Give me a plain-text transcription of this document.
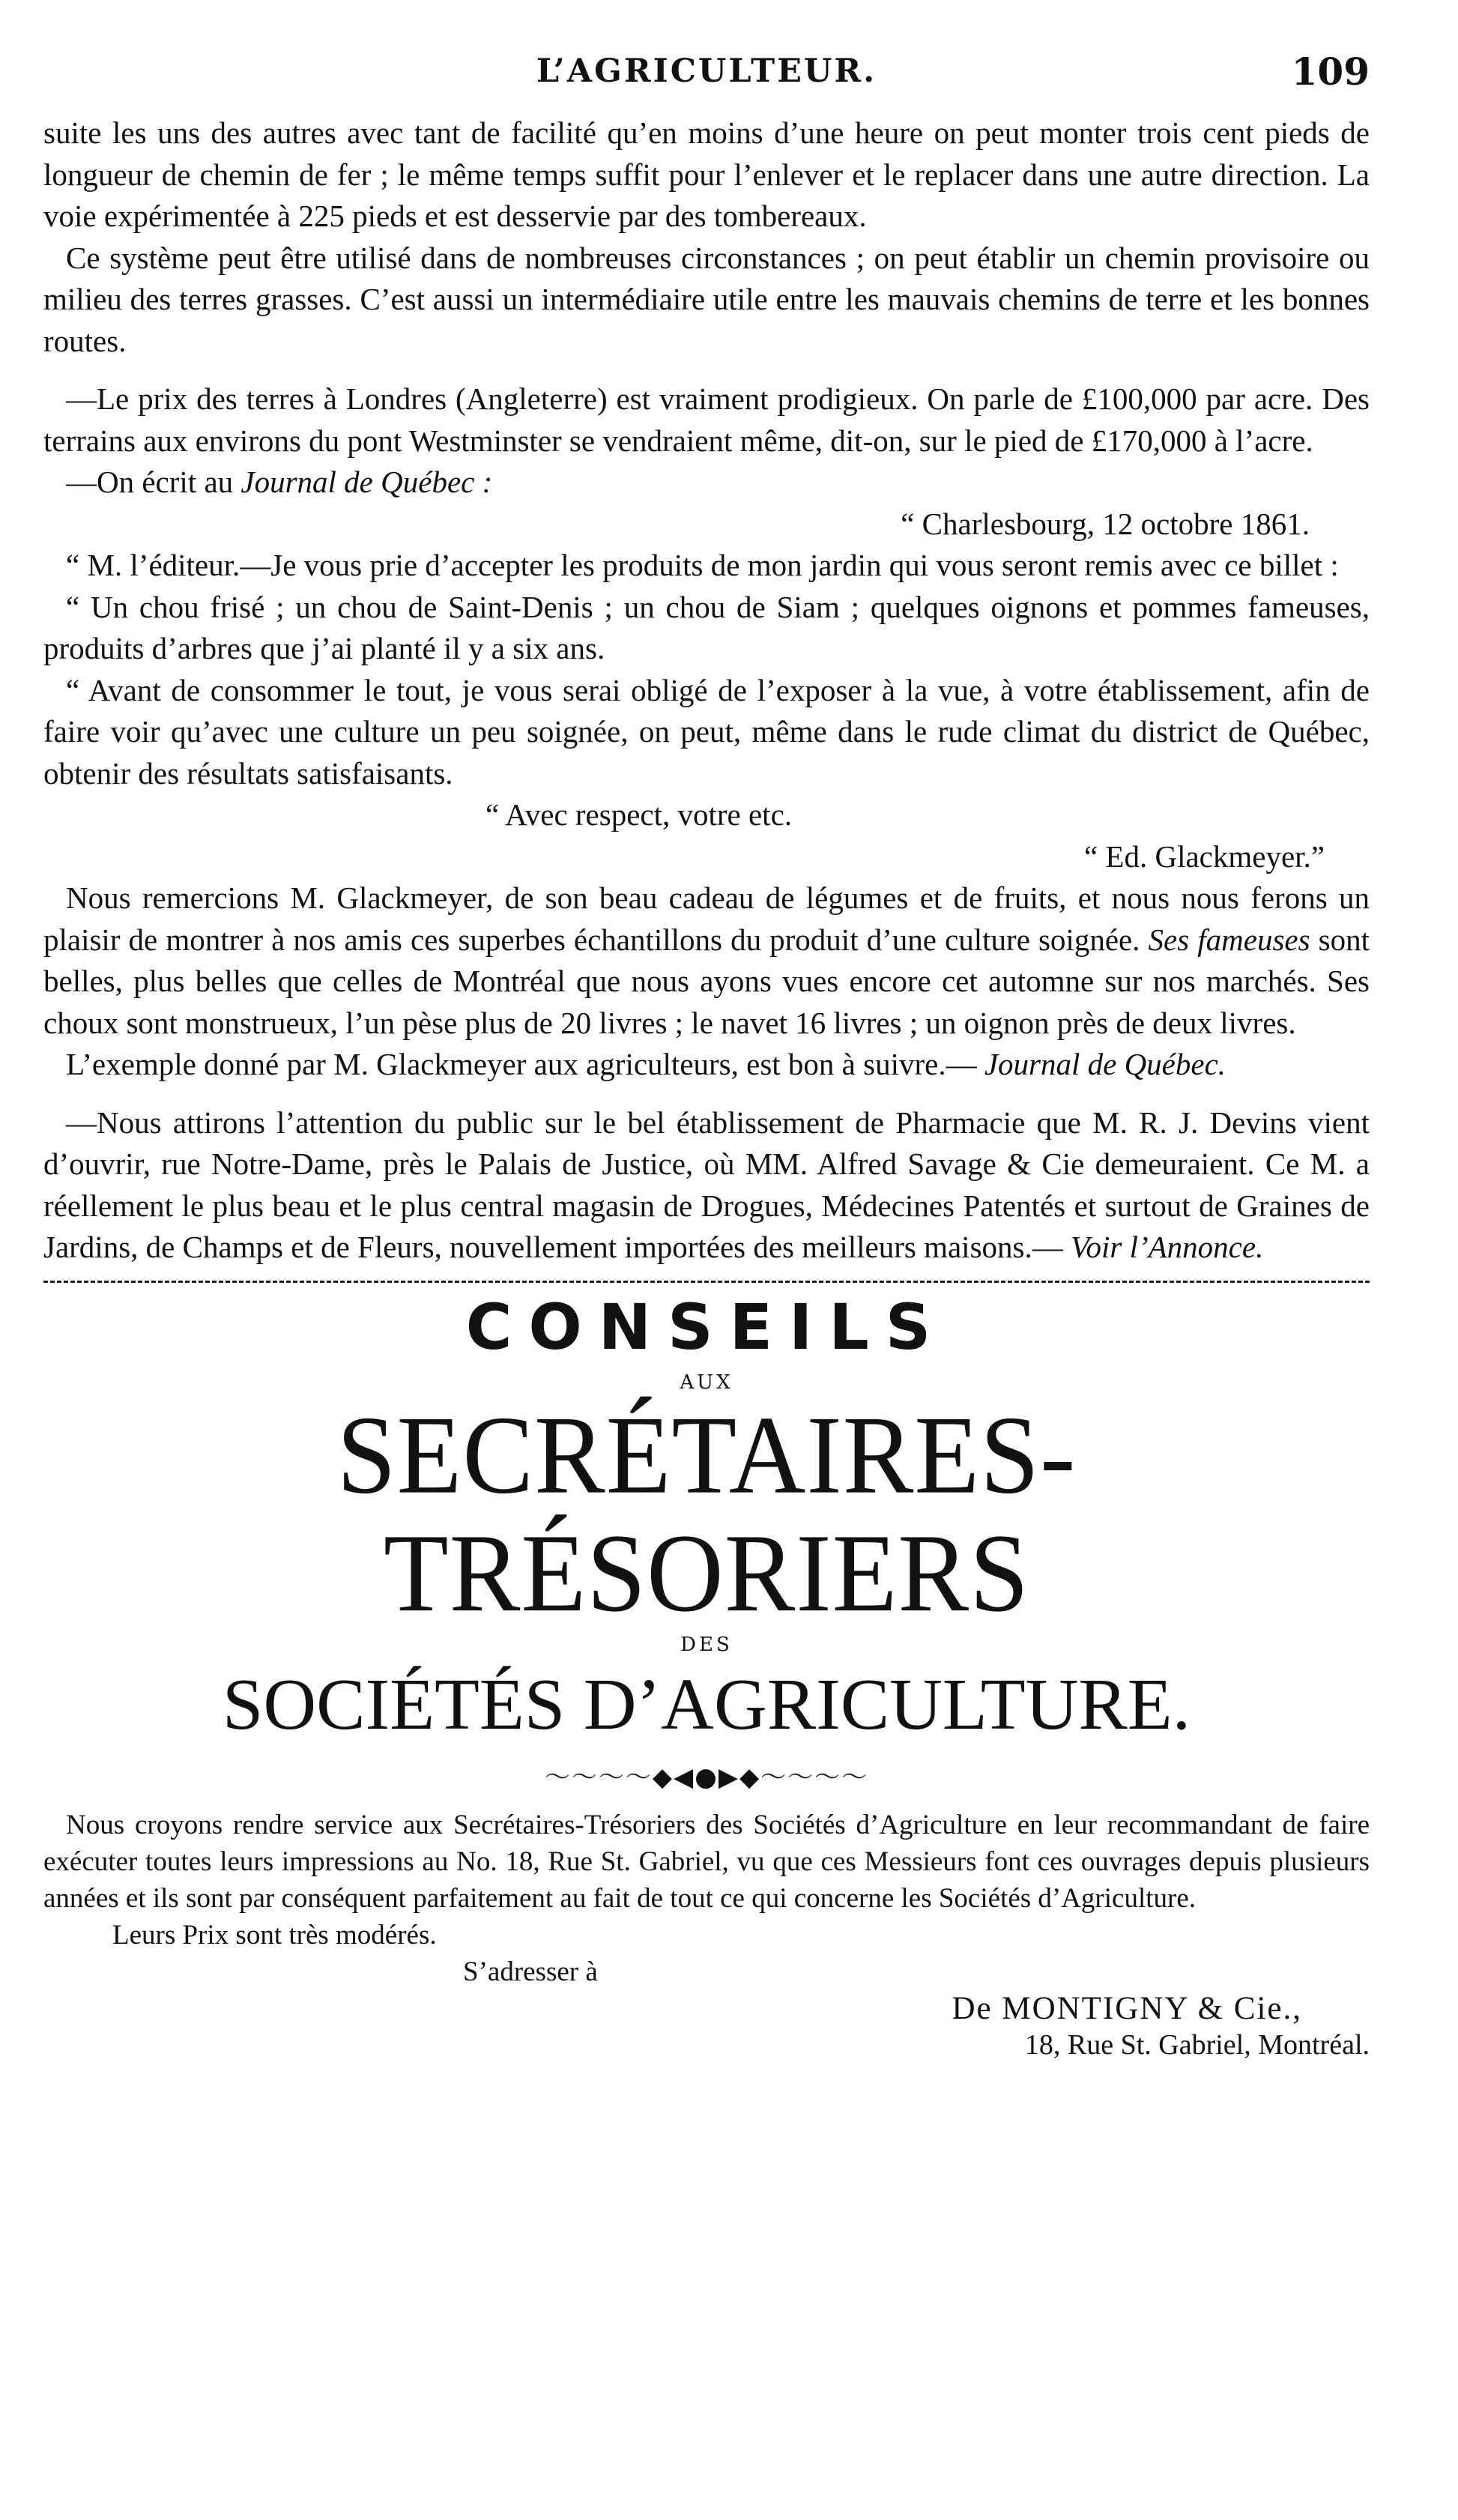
L’AGRICULTEUR.	109

suite les uns des autres avec tant de facilité qu’en moins d’une heure on peut monter trois cent pieds de longueur de chemin de fer ; le même temps suffit pour l’enlever et le replacer dans une autre direction. La voie expérimentée à 225 pieds et est desservie par des tombereaux.

Ce système peut être utilisé dans de nombreuses circonstances ; on peut établir un chemin provisoire ou milieu des terres grasses. C’est aussi un intermédiaire utile entre les mauvais chemins de terre et les bonnes routes.

—Le prix des terres à Londres (Angleterre) est vraiment prodigieux. On parle de £100,000 par acre. Des terrains aux environs du pont Westminster se vendraient même, dit-on, sur le pied de £170,000 à l’acre.

—On écrit au Journal de Québec :

“ Charlesbourg, 12 octobre 1861.

“ M. l’éditeur.—Je vous prie d’accepter les produits de mon jardin qui vous seront remis avec ce billet :

“ Un chou frisé ; un chou de Saint-Denis ; un chou de Siam ; quelques oignons et pommes fameuses, produits d’arbres que j’ai planté il y a six ans.

“ Avant de consommer le tout, je vous serai obligé de l’exposer à la vue, à votre établissement, afin de faire voir qu’avec une culture un peu soignée, on peut, même dans le rude climat du district de Québec, obtenir des résultats satisfaisants.

“ Avec respect, votre etc.

“ Ed. Glackmeyer.”

Nous remercions M. Glackmeyer, de son beau cadeau de légumes et de fruits, et nous nous ferons un plaisir de montrer à nos amis ces superbes échantillons du produit d’une culture soignée. Ses fameuses sont belles, plus belles que celles de Montréal que nous ayons vues encore cet automne sur nos marchés. Ses choux sont monstrueux, l’un pèse plus de 20 livres ; le navet 16 livres ; un oignon près de deux livres.

L’exemple donné par M. Glackmeyer aux agriculteurs, est bon à suivre.— Journal de Québec.

—Nous attirons l’attention du public sur le bel établissement de Pharmacie que M. R. J. Devins vient d’ouvrir, rue Notre-Dame, près le Palais de Justice, où MM. Alfred Savage & Cie demeuraient. Ce M. a réellement le plus beau et le plus central magasin de Drogues, Médecines Patentés et surtout de Graines de Jardins, de Champs et de Fleurs, nouvellement importées des meilleurs maisons.— Voir l’Annonce.

CONSEILS
AUX
SECRÉTAIRES-TRÉSORIERS
DES
SOCIÉTÉS D’AGRICULTURE.
〜〜〜〜◆◀●▶◆〜〜〜〜

Nous croyons rendre service aux Secrétaires-Trésoriers des Sociétés d’Agriculture en leur recommandant de faire exécuter toutes leurs impressions au No. 18, Rue St. Gabriel, vu que ces Messieurs font ces ouvrages depuis plusieurs années et ils sont par conséquent parfaitement au fait de tout ce qui concerne les Sociétés d’Agriculture.

Leurs Prix sont très modérés.

S’adresser à

De MONTIGNY & Cie.,

18, Rue St. Gabriel, Montréal.
